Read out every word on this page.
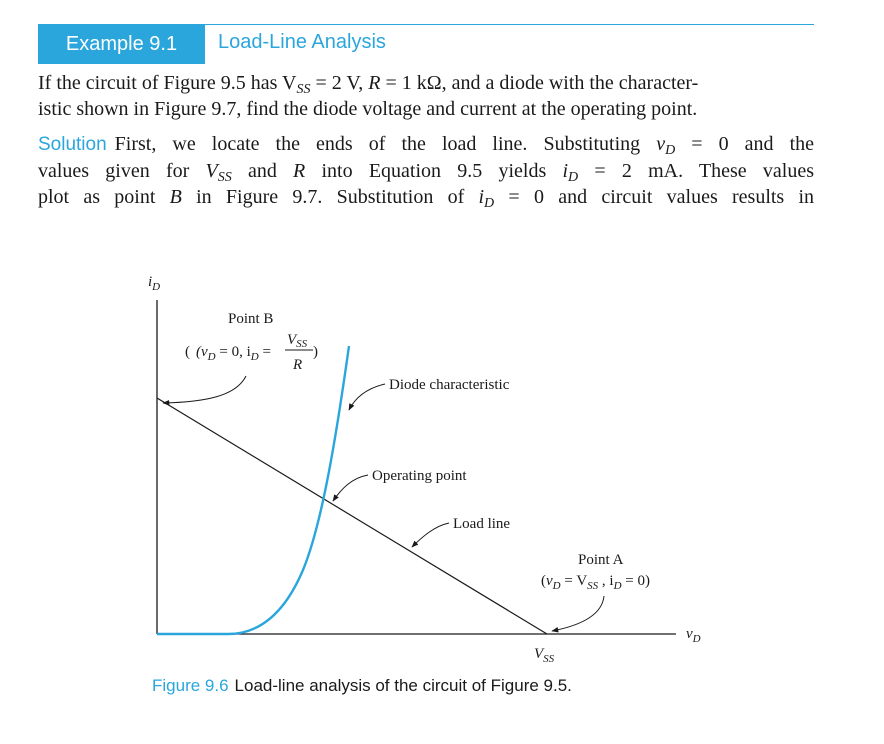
Example 9.1	Load-Line Analysis
If the circuit of Figure 9.5 has $V_{SS} = 2$ V, R = 1 kΩ, and a diode with the character-
istic shown in Figure 9.7, find the diode voltage and current at the operating point.
Solution First, we locate the ends of the load line. Substituting $v_D = 0$ and the
values given for $V_{SS}$ and R into Equation 9.5 yields $i_D = 2$ mA. These values
plot as point B in Figure 9.7. Substitution of $i_D = 0$ and circuit values results in
$i_D$
$v_D$
$V_{SS}$
Point B
( ($v_D = 0$, $i_D$ =
$V_{SS}$
R
)
Diode characteristic
Operating point
Load line
Point A
($v_D = V_{SS}$ , $i_D = 0$)
Figure 9.6 Load-line analysis of the circuit of Figure 9.5.
